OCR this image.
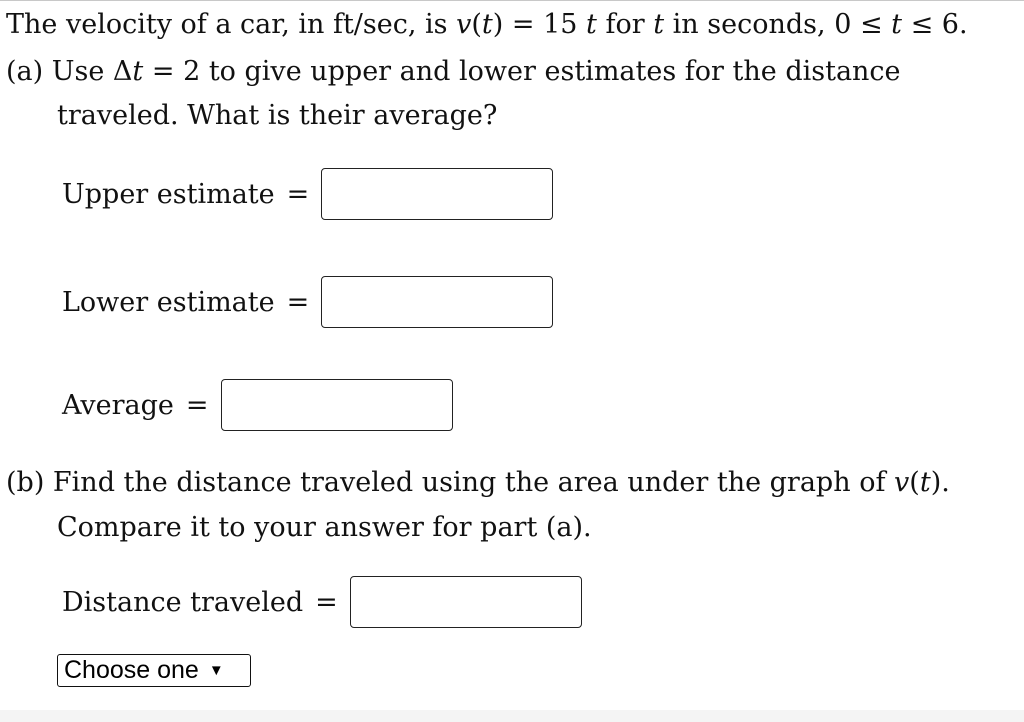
The velocity of a car, in ft/sec, is v(t) = 15 t for t in seconds, 0 ≤ t ≤ 6.
(a) Use Δt = 2 to give upper and lower estimates for the distance
traveled. What is their average?
Upper estimate =
Lower estimate =
Average =
(b) Find the distance traveled using the area under the graph of v(t).
Compare it to your answer for part (a).
Distance traveled =
Choose one ▼
